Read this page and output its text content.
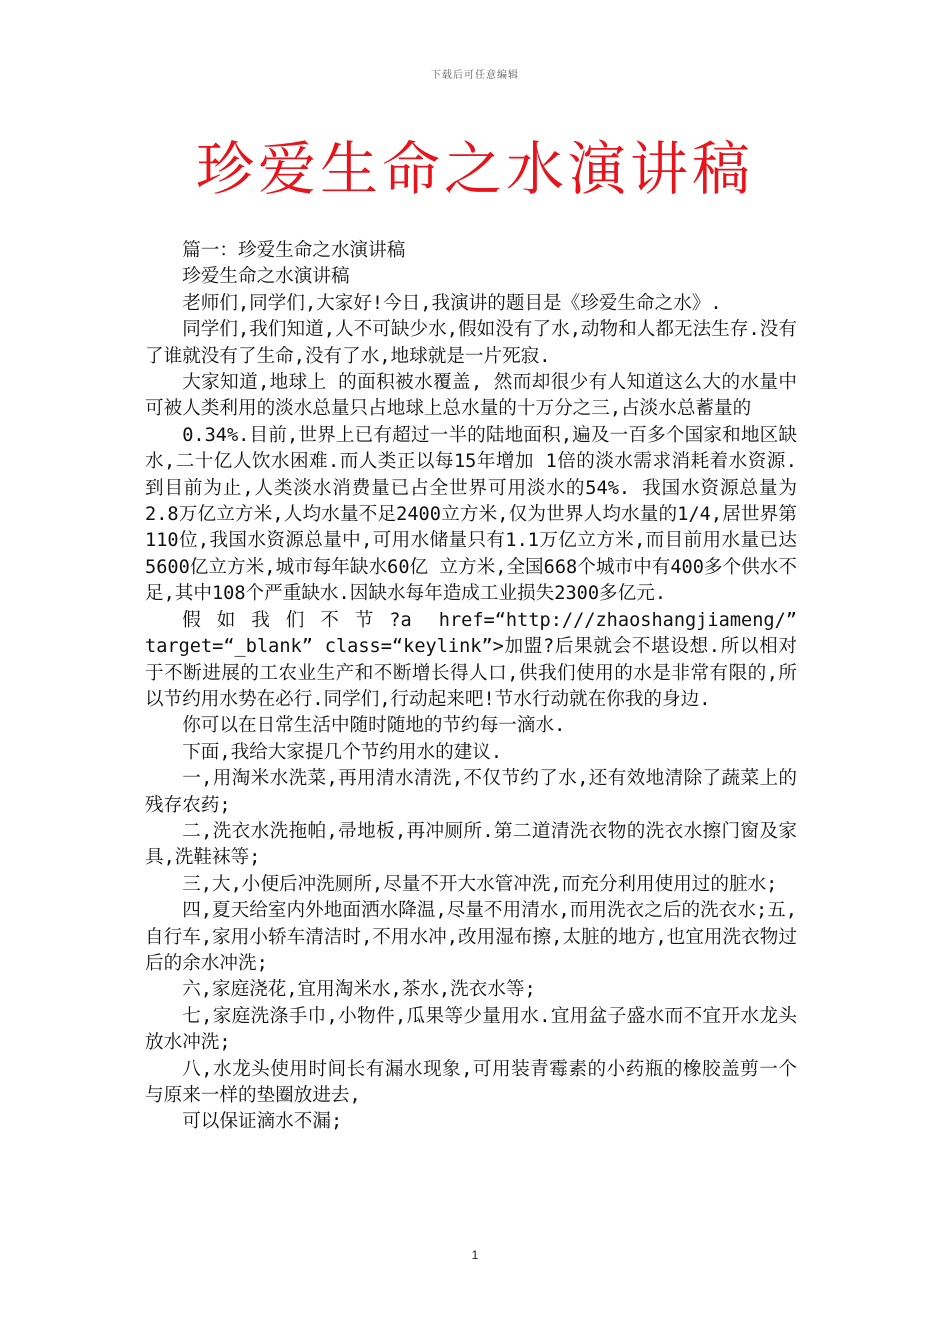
下载后可任意编辑
珍爱生命之水演讲稿

篇一：珍爱生命之水演讲稿

珍爱生命之水演讲稿

老师们,同学们,大家好!今日,我演讲的题目是《珍爱生命之水》.

同学们,我们知道,人不可缺少水,假如没有了水,动物和人都无法生存.没有了谁就没有了生命,没有了水,地球就是一片死寂.

大家知道,地球上 的面积被水覆盖, 然而却很少有人知道这么大的水量中可被人类利用的淡水总量只占地球上总水量的十万分之三,占淡水总蓄量的

0.34%.目前,世界上已有超过一半的陆地面积,遍及一百多个国家和地区缺水,二十亿人饮水困难.而人类正以每15年增加 1倍的淡水需求消耗着水资源.到目前为止,人类淡水消费量已占全世界可用淡水的54%. 我国水资源总量为2.8万亿立方米,人均水量不足2400立方米,仅为世界人均水量的1/4,居世界第 110位,我国水资源总量中,可用水储量只有1.1万亿立方米,而目前用水量已达5600亿立方米,城市每年缺水60亿 立方米,全国668个城市中有400多个供水不足,其中108个严重缺水.因缺水每年造成工业损失2300多亿元.

假如我们不节?a href=“http:///zhaoshangjiameng/” target=“_blank” class=“keylink”>加盟?后果就会不堪设想.所以相对于不断进展的工农业生产和不断增长得人口,供我们使用的水是非常有限的,所以节约用水势在必行.同学们,行动起来吧!节水行动就在你我的身边.

你可以在日常生活中随时随地的节约每一滴水.

下面,我给大家提几个节约用水的建议.

一,用淘米水洗菜,再用清水清洗,不仅节约了水,还有效地清除了蔬菜上的残存农药;

二,洗衣水洗拖帕,帚地板,再冲厕所.第二道清洗衣物的洗衣水擦门窗及家具,洗鞋袜等;

三,大,小便后冲洗厕所,尽量不开大水管冲洗,而充分利用使用过的脏水;

四,夏天给室内外地面洒水降温,尽量不用清水,而用洗衣之后的洗衣水;五,自行车,家用小轿车清洁时,不用水冲,改用湿布擦,太脏的地方,也宜用洗衣物过后的余水冲洗;

六,家庭浇花,宜用淘米水,茶水,洗衣水等;

七,家庭洗涤手巾,小物件,瓜果等少量用水.宜用盆子盛水而不宜开水龙头放水冲洗;

八,水龙头使用时间长有漏水现象,可用装青霉素的小药瓶的橡胶盖剪一个与原来一样的垫圈放进去,

可以保证滴水不漏;

1
